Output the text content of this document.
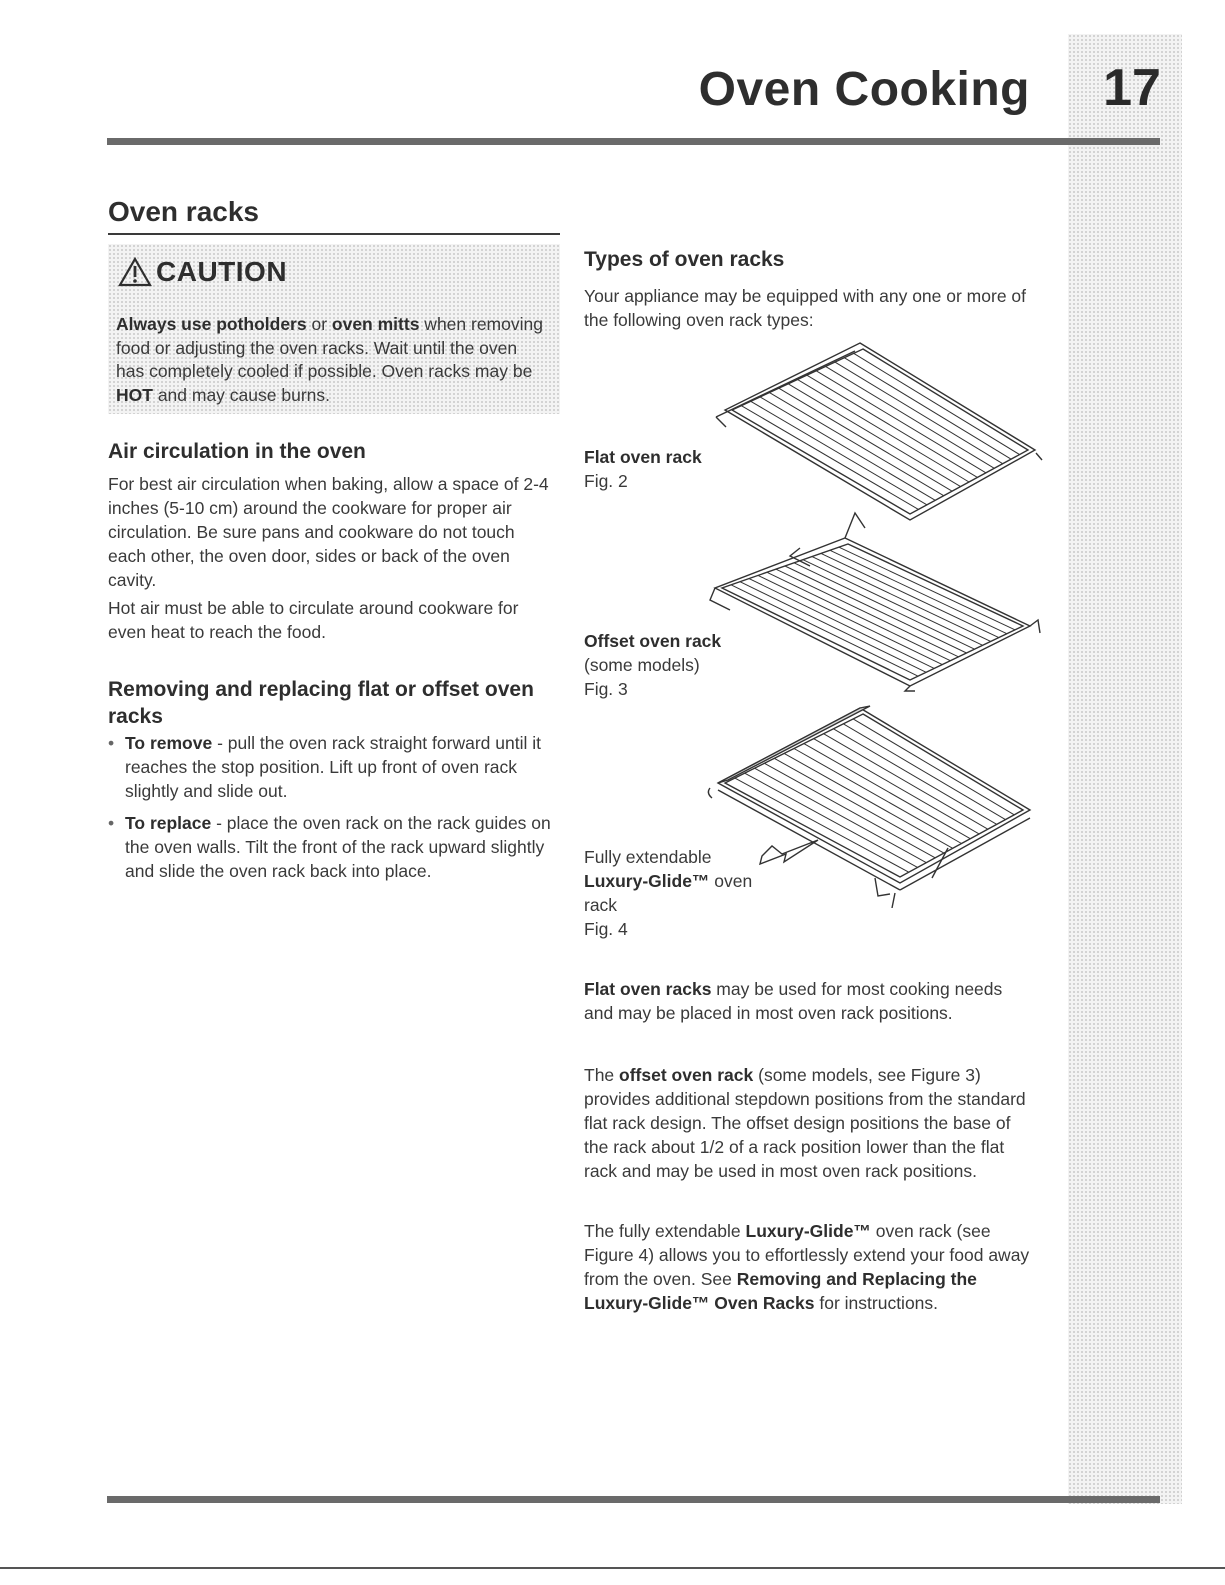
Oven Cooking	17
Oven racks
CAUTION
Always use potholders or oven mitts when removing food or adjusting the oven racks. Wait until the oven has completely cooled if possible. Oven racks may be HOT and may cause burns.
Air circulation in the oven

For best air circulation when baking, allow a space of 2-4 inches (5-10 cm) around the cookware for proper air circulation. Be sure pans and cookware do not touch each other, the oven door, sides or back of the oven cavity.

Hot air must be able to circulate around cookware for even heat to reach the food.

Removing and replacing flat or offset oven racks
• To remove - pull the oven rack straight forward until it reaches the stop position. Lift up front of oven rack slightly and slide out.
• To replace - place the oven rack on the rack guides on the oven walls. Tilt the front of the rack upward slightly and slide the oven rack back into place.
Types of oven racks

Your appliance may be equipped with any one or more of the following oven rack types:

Flat oven rack
Fig. 2
Offset oven rack
(some models)
Fig. 3
Fully extendable
Luxury-Glide™ oven
rack
Fig. 4

Flat oven racks may be used for most cooking needs and may be placed in most oven rack positions.

The offset oven rack (some models, see Figure 3) provides additional stepdown positions from the standard flat rack design. The offset design positions the base of the rack about 1/2 of a rack position lower than the flat rack and may be used in most oven rack positions.

The fully extendable Luxury-Glide™ oven rack (see Figure 4) allows you to effortlessly extend your food away from the oven. See Removing and Replacing the Luxury-Glide™ Oven Racks for instructions.
